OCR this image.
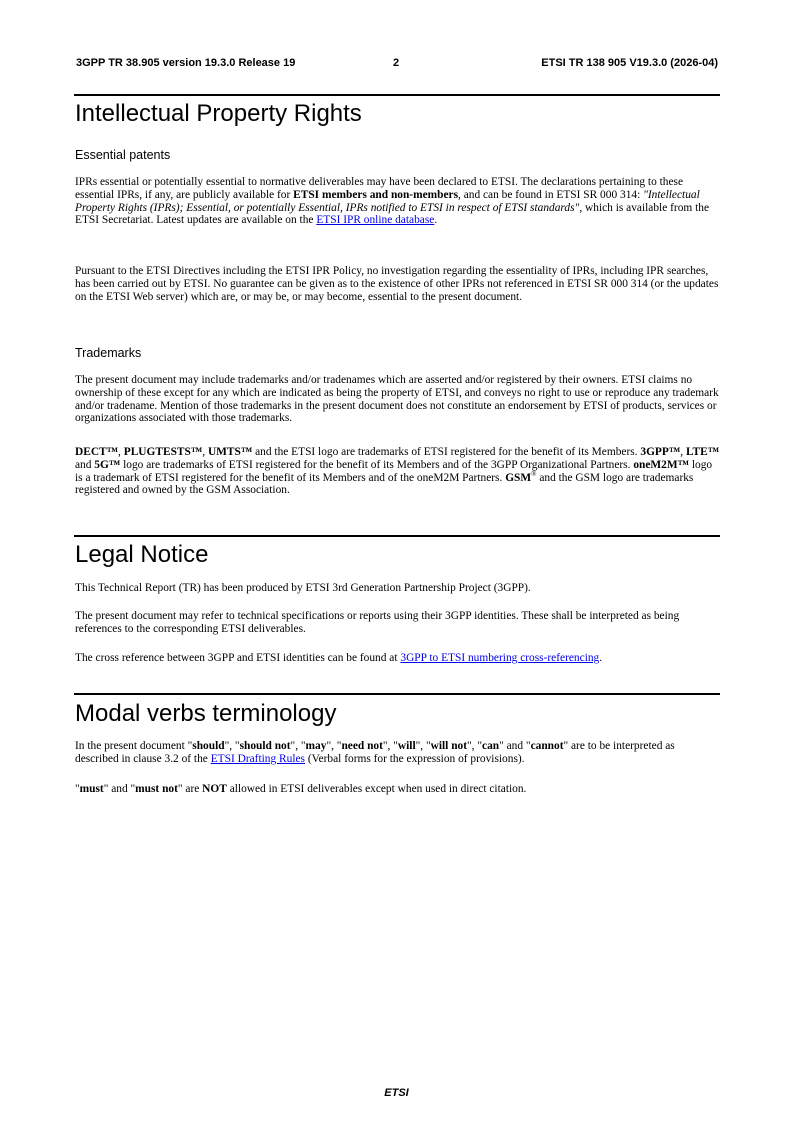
3GPP TR 38.905 version 19.3.0 Release 19	2	ETSI TR 138 905 V19.3.0 (2026-04)
Intellectual Property Rights
Essential patents
IPRs essential or potentially essential to normative deliverables may have been declared to ETSI. The declarations pertaining to these essential IPRs, if any, are publicly available for ETSI members and non-members, and can be found in ETSI SR 000 314: "Intellectual Property Rights (IPRs); Essential, or potentially Essential, IPRs notified to ETSI in respect of ETSI standards", which is available from the ETSI Secretariat. Latest updates are available on the ETSI IPR online database.
Pursuant to the ETSI Directives including the ETSI IPR Policy, no investigation regarding the essentiality of IPRs, including IPR searches, has been carried out by ETSI. No guarantee can be given as to the existence of other IPRs not referenced in ETSI SR 000 314 (or the updates on the ETSI Web server) which are, or may be, or may become, essential to the present document.
Trademarks
The present document may include trademarks and/or tradenames which are asserted and/or registered by their owners. ETSI claims no ownership of these except for any which are indicated as being the property of ETSI, and conveys no right to use or reproduce any trademark and/or tradename. Mention of those trademarks in the present document does not constitute an endorsement by ETSI of products, services or organizations associated with those trademarks.
DECT™, PLUGTESTS™, UMTS™ and the ETSI logo are trademarks of ETSI registered for the benefit of its Members. 3GPP™, LTE™ and 5G™ logo are trademarks of ETSI registered for the benefit of its Members and of the 3GPP Organizational Partners. oneM2M™ logo is a trademark of ETSI registered for the benefit of its Members and of the oneM2M Partners. GSM® and the GSM logo are trademarks registered and owned by the GSM Association.
Legal Notice
This Technical Report (TR) has been produced by ETSI 3rd Generation Partnership Project (3GPP).
The present document may refer to technical specifications or reports using their 3GPP identities. These shall be interpreted as being references to the corresponding ETSI deliverables.
The cross reference between 3GPP and ETSI identities can be found at 3GPP to ETSI numbering cross-referencing.
Modal verbs terminology
In the present document "should", "should not", "may", "need not", "will", "will not", "can" and "cannot" are to be interpreted as described in clause 3.2 of the ETSI Drafting Rules (Verbal forms for the expression of provisions).
"must" and "must not" are NOT allowed in ETSI deliverables except when used in direct citation.
ETSI
